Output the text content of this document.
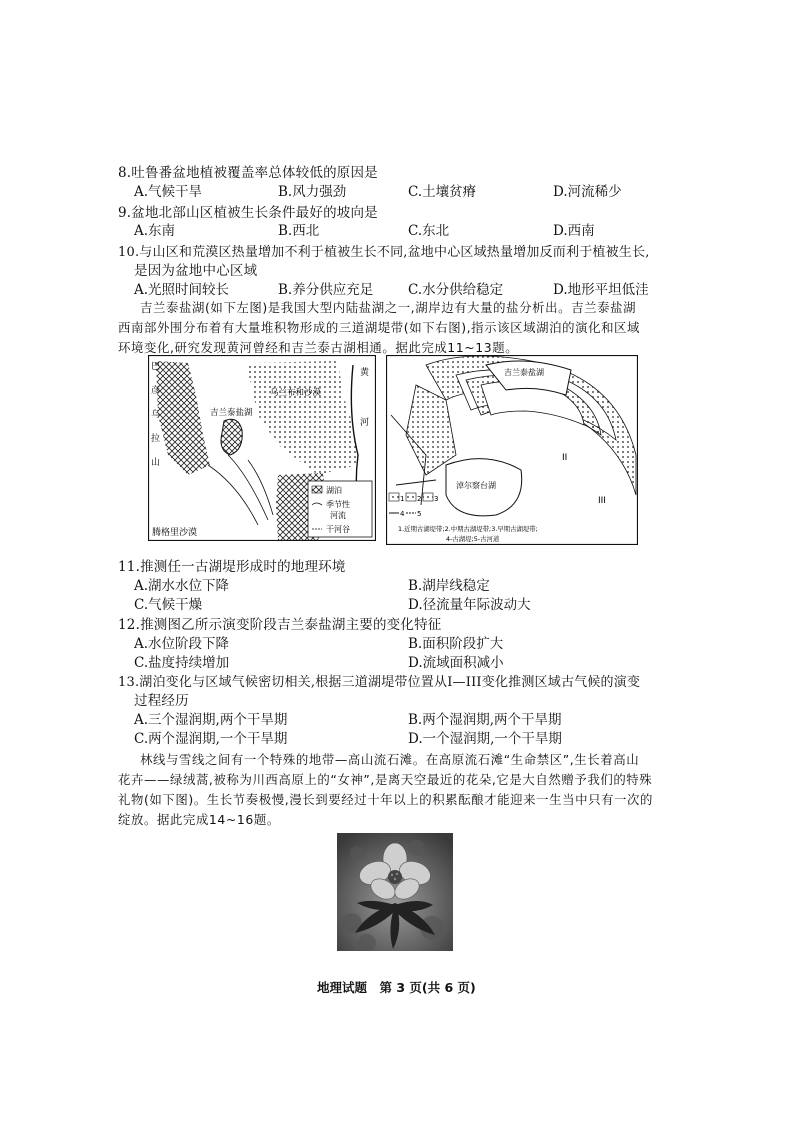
8.吐鲁番盆地植被覆盖率总体较低的原因是
A.气候干旱	B.风力强劲	C.土壤贫瘠	D.河流稀少
9.盆地北部山区植被生长条件最好的坡向是
A.东南	B.西北	C.东北	D.西南
10.与山区和荒漠区热量增加不利于植被生长不同,盆地中心区域热量增加反而利于植被生长,
是因为盆地中心区域
A.光照时间较长	B.养分供应充足	C.水分供给稳定	D.地形平坦低洼
吉兰泰盐湖(如下左图)是我国大型内陆盐湖之一,湖岸边有大量的盐分析出。吉兰泰盐湖
西南部外围分布着有大量堆积物形成的三道湖堤带(如下右图),指示该区域湖泊的演化和区域
环境变化,研究发现黄河曾经和吉兰泰古湖相通。据此完成11~13题。
巴
彦
乌
拉
山
乌兰布和沙漠
吉兰泰盐湖
黄
河
腾格里沙漠
湖泊
季节性
河流
干河谷
吉兰泰盐湖
淖尔察台湖
II
III
1 2 3
4 5
1.近期古湖堤带;2.中期古湖堤带;3.早期古湖堤带;
4-古湖堤;5-古河道
11.推测任一古湖堤形成时的地理环境
A.湖水水位下降	B.湖岸线稳定
C.气候干燥	D.径流量年际波动大
12.推测图乙所示演变阶段吉兰泰盐湖主要的变化特征
A.水位阶段下降	B.面积阶段扩大
C.盐度持续增加	D.流域面积减小
13.湖泊变化与区域气候密切相关,根据三道湖堤带位置从I—III变化推测区域古气候的演变
过程经历
A.三个湿润期,两个干旱期	B.两个湿润期,两个干旱期
C.两个湿润期,一个干旱期	D.一个湿润期,一个干旱期
林线与雪线之间有一个特殊的地带—高山流石滩。在高原流石滩“生命禁区”,生长着高山
花卉——绿绒蒿,被称为川西高原上的“女神”,是离天空最近的花朵,它是大自然赠予我们的特殊
礼物(如下图)。生长节奏极慢,漫长到要经过十年以上的积累酝酿才能迎来一生当中只有一次的
绽放。据此完成14~16题。
地理试题　第 3 页(共 6 页)
